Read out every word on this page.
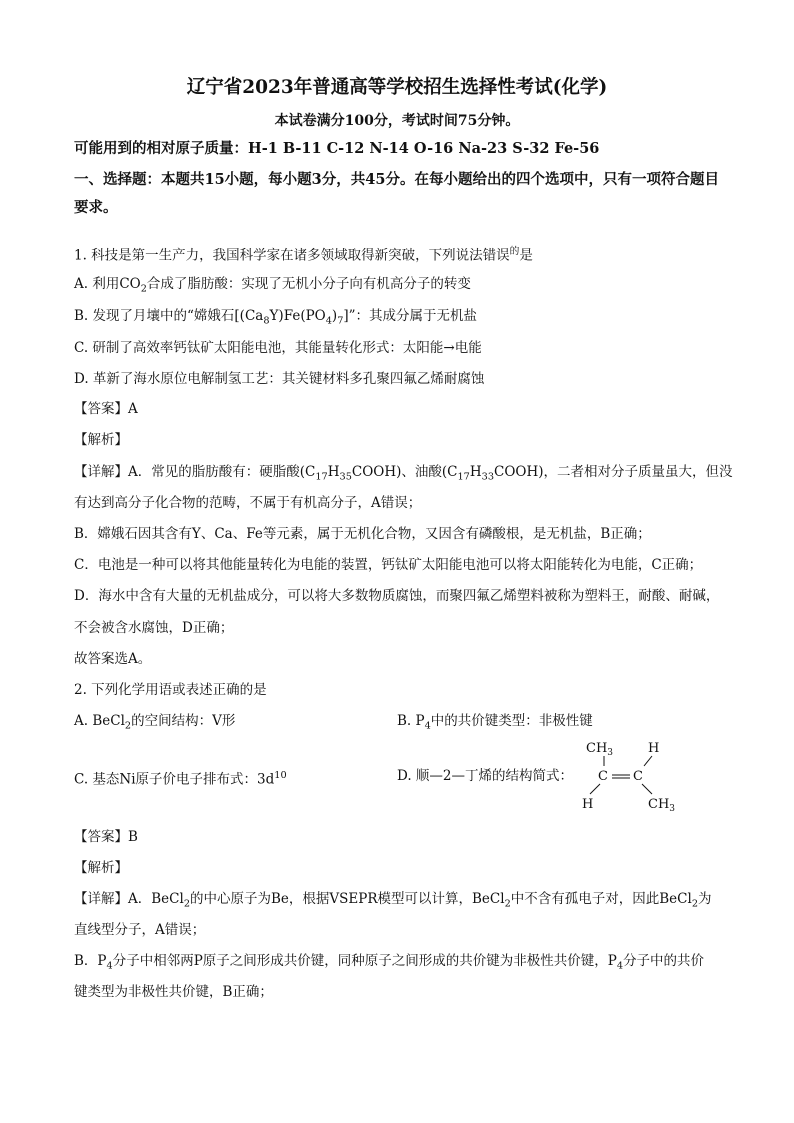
辽宁省2023年普通高等学校招生选择性考试(化学)
本试卷满分100分，考试时间75分钟。
可能用到的相对原子质量：H-1 B-11 C-12 N-14 O-16 Na-23 S-32 Fe-56
一、选择题：本题共15小题，每小题3分，共45分。在每小题给出的四个选项中，只有一项符合题目要求。
1. 科技是第一生产力，我国科学家在诸多领域取得新突破，下列说法错误$^的$是
A. 利用$CO_2$合成了脂肪酸：实现了无机小分子向有机高分子的转变
B. 发现了月壤中的“嫦娥石$[(Ca_8Y)Fe(PO_4)_7]$”：其成分属于无机盐
C. 研制了高效率钙钛矿太阳能电池，其能量转化形式：太阳能→电能
D. 革新了海水原位电解制氢工艺：其关键材料多孔聚四氟乙烯耐腐蚀
【答案】A
【解析】
【详解】A．常见的脂肪酸有：硬脂酸$(C_{17}H_{35}COOH)$、油酸$(C_{17}H_{33}COOH)$，二者相对分子质量虽大，但没
有达到高分子化合物的范畴，不属于有机高分子，A错误；
B．嫦娥石因其含有Y、Ca、Fe等元素，属于无机化合物，又因含有磷酸根，是无机盐，B正确；
C．电池是一种可以将其他能量转化为电能的装置，钙钛矿太阳能电池可以将太阳能转化为电能，C正确；
D．海水中含有大量的无机盐成分，可以将大多数物质腐蚀，而聚四氟乙烯塑料被称为塑料王，耐酸、耐碱，
不会被含水腐蚀，D正确；
故答案选A。
2. 下列化学用语或表述正确的是
A. BeCl$_2$的空间结构：V形	B. $P_4$中的共价键类型：非极性键
C. 基态Ni原子价电子排布式：$3d^{10}$	D. 顺—2—丁烯的结构简式：
$CH_3$	H
C C
H	$CH_3$
【答案】B
【解析】
【详解】A．BeCl$_2$的中心原子为Be，根据VSEPR模型可以计算，BeCl$_2$中不含有孤电子对，因此BeCl$_2$为
直线型分子，A错误；
B．$P_4$分子中相邻两P原子之间形成共价键，同种原子之间形成的共价键为非极性共价键，$P_4$分子中的共价
键类型为非极性共价键，B正确；
